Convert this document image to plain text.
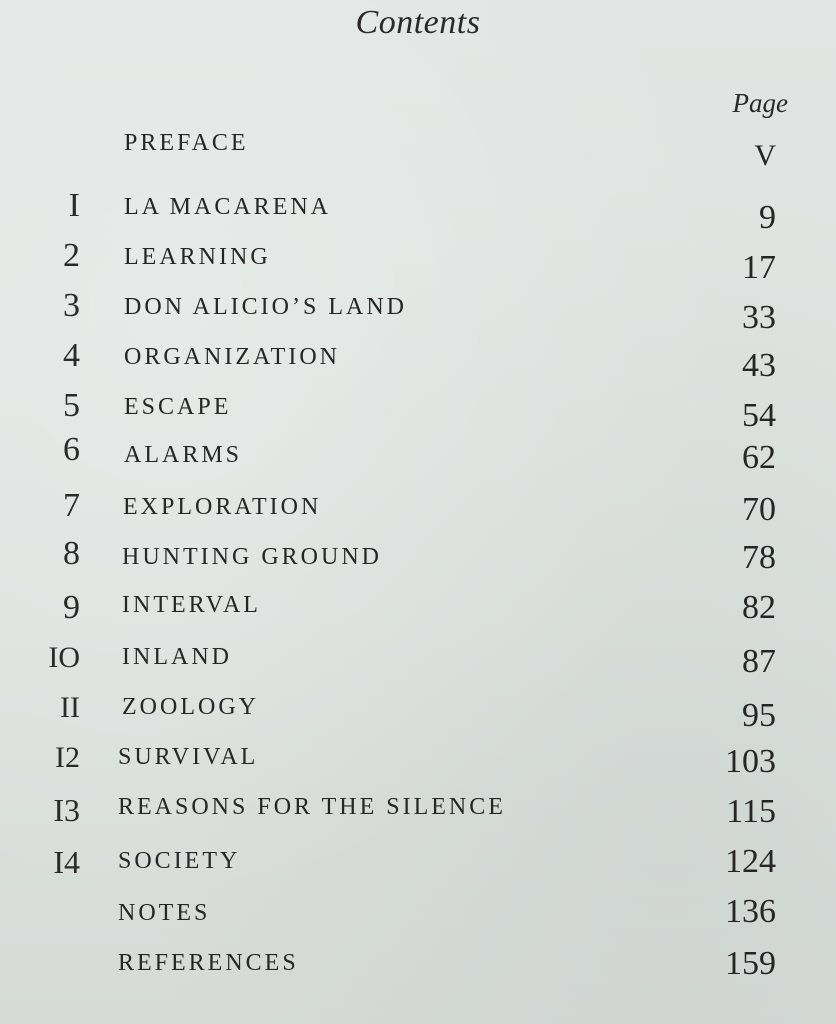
Contents
Page
PREFACE	V
I LA MACARENA	9
2 LEARNING	17
3 DON ALICIO’S LAND	33
4 ORGANIZATION	43
5 ESCAPE	54
6 ALARMS	62
7 EXPLORATION	70
8 HUNTING GROUND	78
9 INTERVAL	82
IO INLAND	87
II ZOOLOGY	95
I2 SURVIVAL	103
I3 REASONS FOR THE SILENCE	115
I4 SOCIETY	124
NOTES	136
REFERENCES	159
